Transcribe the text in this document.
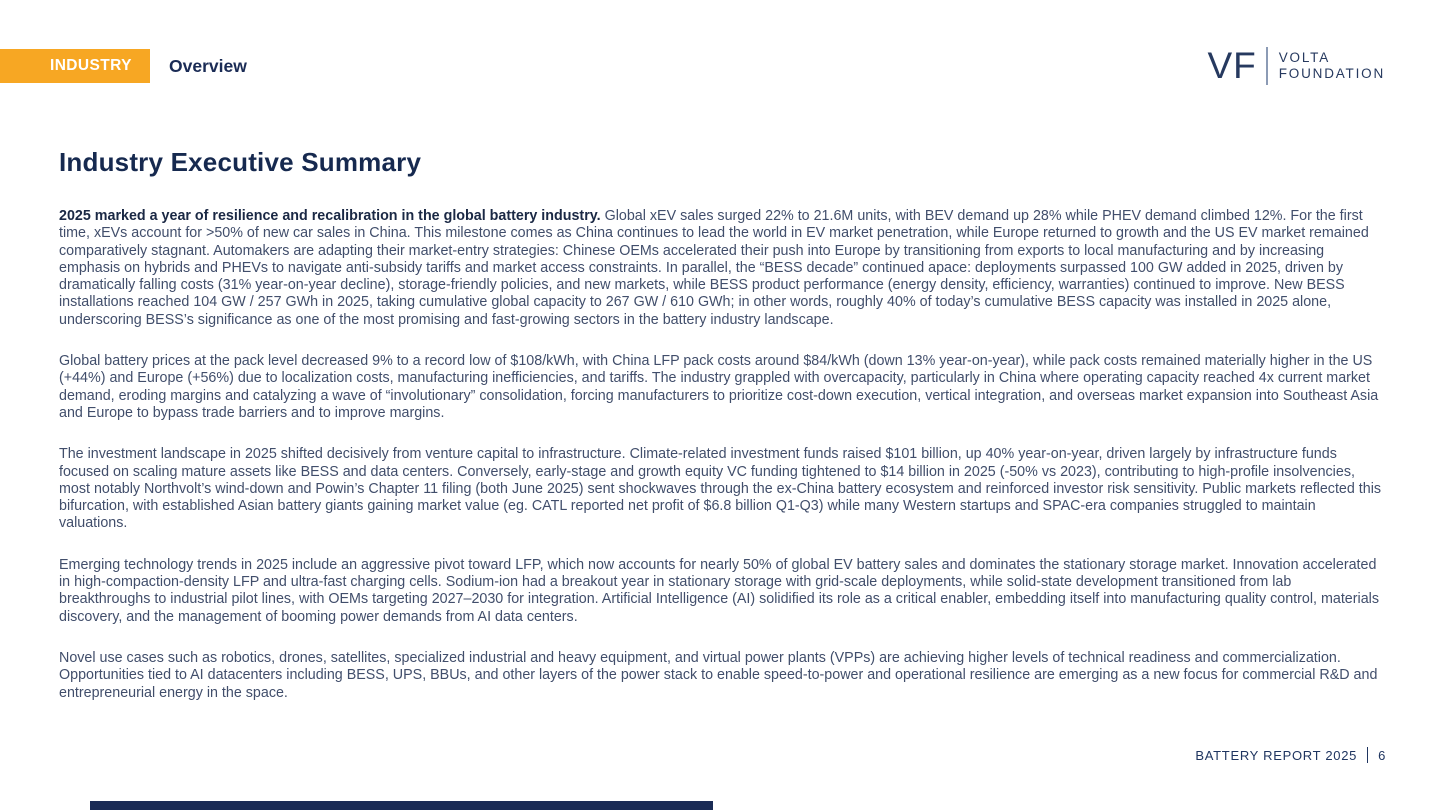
INDUSTRY	Overview	VF VOLTA
FOUNDATION
Industry Executive Summary

2025 marked a year of resilience and recalibration in the global battery industry. Global xEV sales surged 22% to 21.6M units, with BEV demand up 28% while PHEV demand climbed 12%. For the first time, xEVs account for >50% of new car sales in China. This milestone comes as China continues to lead the world in EV market penetration, while Europe returned to growth and the US EV market remained comparatively stagnant. Automakers are adapting their market-entry strategies: Chinese OEMs accelerated their push into Europe by transitioning from exports to local manufacturing and by increasing emphasis on hybrids and PHEVs to navigate anti-subsidy tariffs and market access constraints. In parallel, the “BESS decade” continued apace: deployments surpassed 100 GW added in 2025, driven by dramatically falling costs (31% year-on-year decline), storage-friendly policies, and new markets, while BESS product performance (energy density, efficiency, warranties) continued to improve. New BESS installations reached 104 GW / 257 GWh in 2025, taking cumulative global capacity to 267 GW / 610 GWh; in other words, roughly 40% of today’s cumulative BESS capacity was installed in 2025 alone, underscoring BESS’s significance as one of the most promising and fast-growing sectors in the battery industry landscape.

Global battery prices at the pack level decreased 9% to a record low of $108/kWh, with China LFP pack costs around $84/kWh (down 13% year-on-year), while pack costs remained materially higher in the US (+44%) and Europe (+56%) due to localization costs, manufacturing inefficiencies, and tariffs. The industry grappled with overcapacity, particularly in China where operating capacity reached 4x current market demand, eroding margins and catalyzing a wave of “involutionary” consolidation, forcing manufacturers to prioritize cost-down execution, vertical integration, and overseas market expansion into Southeast Asia and Europe to bypass trade barriers and to improve margins.

The investment landscape in 2025 shifted decisively from venture capital to infrastructure. Climate-related investment funds raised $101 billion, up 40% year-on-year, driven largely by infrastructure funds focused on scaling mature assets like BESS and data centers. Conversely, early-stage and growth equity VC funding tightened to $14 billion in 2025 (-50% vs 2023), contributing to high-profile insolvencies, most notably Northvolt’s wind-down and Powin’s Chapter 11 filing (both June 2025) sent shockwaves through the ex-China battery ecosystem and reinforced investor risk sensitivity. Public markets reflected this bifurcation, with established Asian battery giants gaining market value (eg. CATL reported net profit of $6.8 billion Q1-Q3) while many Western startups and SPAC-era companies struggled to maintain valuations.

Emerging technology trends in 2025 include an aggressive pivot toward LFP, which now accounts for nearly 50% of global EV battery sales and dominates the stationary storage market. Innovation accelerated in high-compaction-density LFP and ultra-fast charging cells. Sodium-ion had a breakout year in stationary storage with grid-scale deployments, while solid-state development transitioned from lab breakthroughs to industrial pilot lines, with OEMs targeting 2027–2030 for integration. Artificial Intelligence (AI) solidified its role as a critical enabler, embedding itself into manufacturing quality control, materials discovery, and the management of booming power demands from AI data centers.

Novel use cases such as robotics, drones, satellites, specialized industrial and heavy equipment, and virtual power plants (VPPs) are achieving higher levels of technical readiness and commercialization. Opportunities tied to AI datacenters including BESS, UPS, BBUs, and other layers of the power stack to enable speed-to-power and operational resilience are emerging as a new focus for commercial R&D and entrepreneurial energy in the space.

BATTERY REPORT 2025 6
